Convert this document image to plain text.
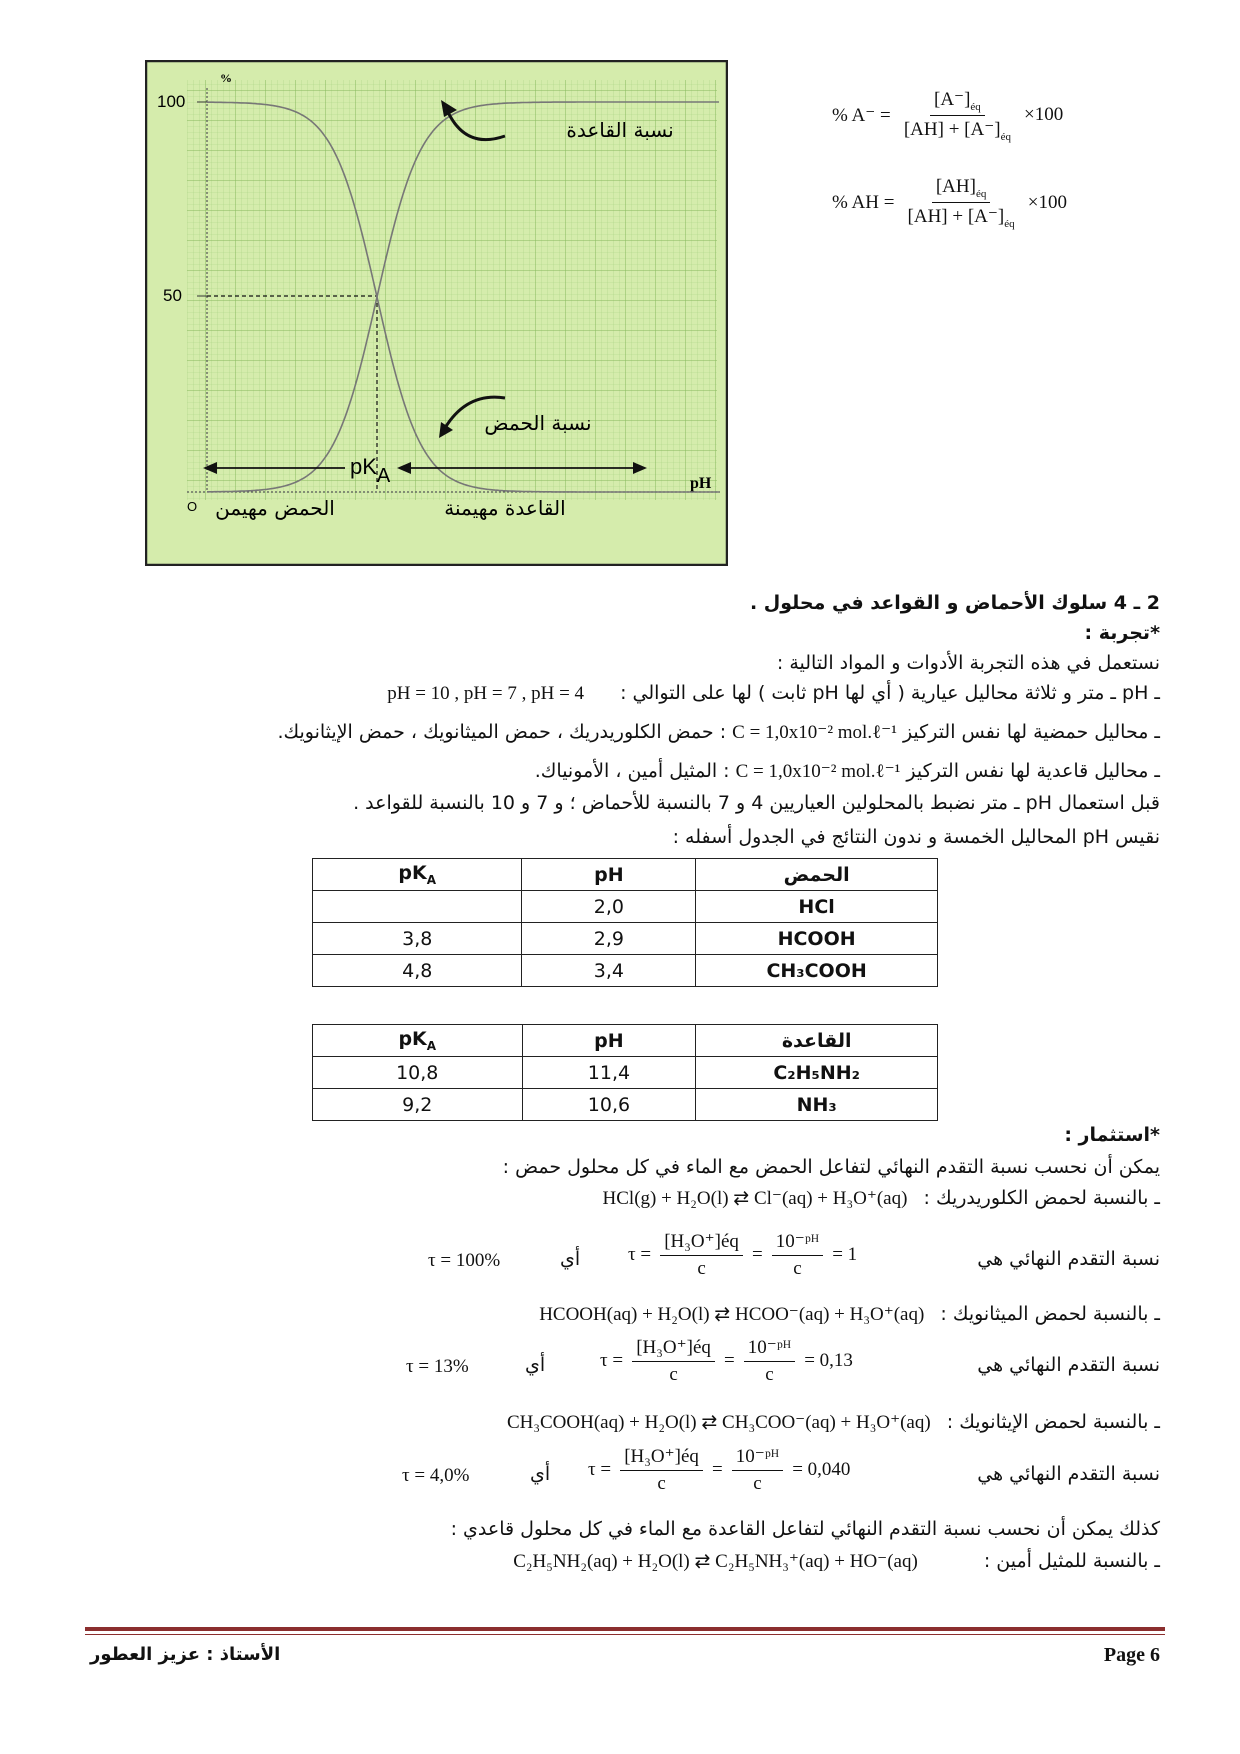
%
100
50
O
pH
نسبة القاعدة
نسبة الحمض
pKA
الحمض مهيمن	القاعدة مهيمنة
% $A^- = \frac{[A^-]_{éq}}{[AH] + [A^-]_{éq}} \times 100$
% AH = $\frac{[AH]_{éq}}{[AH] + [A^-]_{éq}} \times 100$
2 ـ 4 سلوك الأحماض و القواعد في محلول .
*تجربة :
نستعمل في هذه التجربة الأدوات و المواد التالية :
ـ pH ـ متر و ثلاثة محاليل عيارية ( أي لها pH ثابت ) لها على التوالي : pH = 10 , pH = 7 , pH = 4
ـ محاليل حمضية لها نفس التركيز C = 1,0x10⁻² mol.ℓ⁻¹ : حمض الكلوريدريك ، حمض الميثانويك ، حمض الإيثانويك.
ـ محاليل قاعدية لها نفس التركيز C = 1,0x10⁻² mol.ℓ⁻¹ : المثيل أمين ، الأمونياك.
قبل استعمال pH ـ متر نضبط بالمحلولين العياريين 4 و 7 بالنسبة للأحماض ؛ و 7 و 10 بالنسبة للقواعد .
نقيس pH المحاليل الخمسة و ندون النتائج في الجدول أسفله :
$pK_A$	pH	الحمض
	2,0	HCl
3,8	2,9	HCOOH
4,8	3,4	CH₃COOH
$pK_A$	pH	القاعدة
10,8	11,4	C₂H₅NH₂
9,2	10,6	NH₃
*استثمار :
يمكن أن نحسب نسبة التقدم النهائي لتفاعل الحمض مع الماء في كل محلول حمض :
ـ بالنسبة لحمض الكلوريدريك : HCl(g) + H₂O(l) ⇄ Cl⁻(aq) + H₃O⁺(aq)
نسبة التقدم النهائي هي
$\tau = \frac{\text{[H₃O⁺]éq}}{c} = \frac{\text{10⁻ᵖᴴ}}{c} = 1$
أي
τ = 100%
ـ بالنسبة لحمض الميثانويك : HCOOH(aq) + H₂O(l) ⇄ HCOO⁻(aq) + H₃O⁺(aq)
نسبة التقدم النهائي هي
$\tau = \frac{\text{[H₃O⁺]éq}}{c} = \frac{\text{10⁻ᵖᴴ}}{c} = 0,13$
أي
τ = 13%
ـ بالنسبة لحمض الإيثانويك : CH₃COOH(aq) + H₂O(l) ⇄ CH₃COO⁻(aq) + H₃O⁺(aq)
نسبة التقدم النهائي هي
$\tau = \frac{\text{[H₃O⁺]éq}}{c} = \frac{\text{10⁻ᵖᴴ}}{c} = 0,040$
أي
τ = 4,0%
كذلك يمكن أن نحسب نسبة التقدم النهائي لتفاعل القاعدة مع الماء في كل محلول قاعدي :
ـ بالنسبة للمثيل أمين : C₂H₅NH₂(aq) + H₂O(l) ⇄ C₂H₅NH₃⁺(aq) + HO⁻(aq)
الأستاذ : عزيز العطور	Page 6
